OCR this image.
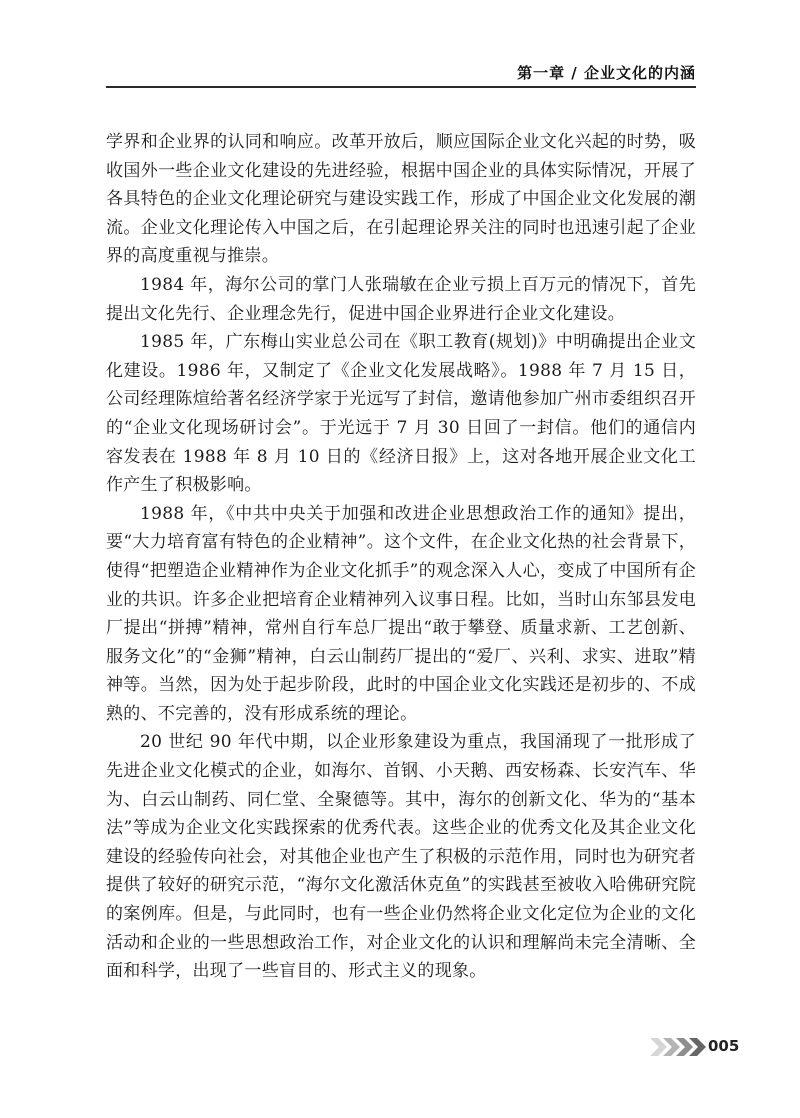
第一章 / 企业文化的内涵

学界和企业界的认同和响应。改革开放后，顺应国际企业文化兴起的时势，吸收国外一些企业文化建设的先进经验，根据中国企业的具体实际情况，开展了各具特色的企业文化理论研究与建设实践工作，形成了中国企业文化发展的潮流。企业文化理论传入中国之后，在引起理论界关注的同时也迅速引起了企业界的高度重视与推崇。

1984 年，海尔公司的掌门人张瑞敏在企业亏损上百万元的情况下，首先提出文化先行、企业理念先行，促进中国企业界进行企业文化建设。

1985 年，广东梅山实业总公司在《职工教育(规划)》中明确提出企业文化建设。1986 年，又制定了《企业文化发展战略》。1988 年 7 月 15 日，公司经理陈煊给著名经济学家于光远写了封信，邀请他参加广州市委组织召开的“企业文化现场研讨会”。于光远于 7 月 30 日回了一封信。他们的通信内容发表在 1988 年 8 月 10 日的《经济日报》上，这对各地开展企业文化工作产生了积极影响。

1988 年，《中共中央关于加强和改进企业思想政治工作的通知》提出，要“大力培育富有特色的企业精神”。这个文件，在企业文化热的社会背景下，使得“把塑造企业精神作为企业文化抓手”的观念深入人心，变成了中国所有企业的共识。许多企业把培育企业精神列入议事日程。比如，当时山东邹县发电厂提出“拼搏”精神，常州自行车总厂提出“敢于攀登、质量求新、工艺创新、服务文化”的“金狮”精神，白云山制药厂提出的“爱厂、兴利、求实、进取”精神等。当然，因为处于起步阶段，此时的中国企业文化实践还是初步的、不成熟的、不完善的，没有形成系统的理论。

20 世纪 90 年代中期，以企业形象建设为重点，我国涌现了一批形成了先进企业文化模式的企业，如海尔、首钢、小天鹅、西安杨森、长安汽车、华为、白云山制药、同仁堂、全聚德等。其中，海尔的创新文化、华为的“基本法”等成为企业文化实践探索的优秀代表。这些企业的优秀文化及其企业文化建设的经验传向社会，对其他企业也产生了积极的示范作用，同时也为研究者提供了较好的研究示范，“海尔文化激活休克鱼”的实践甚至被收入哈佛研究院的案例库。但是，与此同时，也有一些企业仍然将企业文化定位为企业的文化活动和企业的一些思想政治工作，对企业文化的认识和理解尚未完全清晰、全面和科学，出现了一些盲目的、形式主义的现象。

005
